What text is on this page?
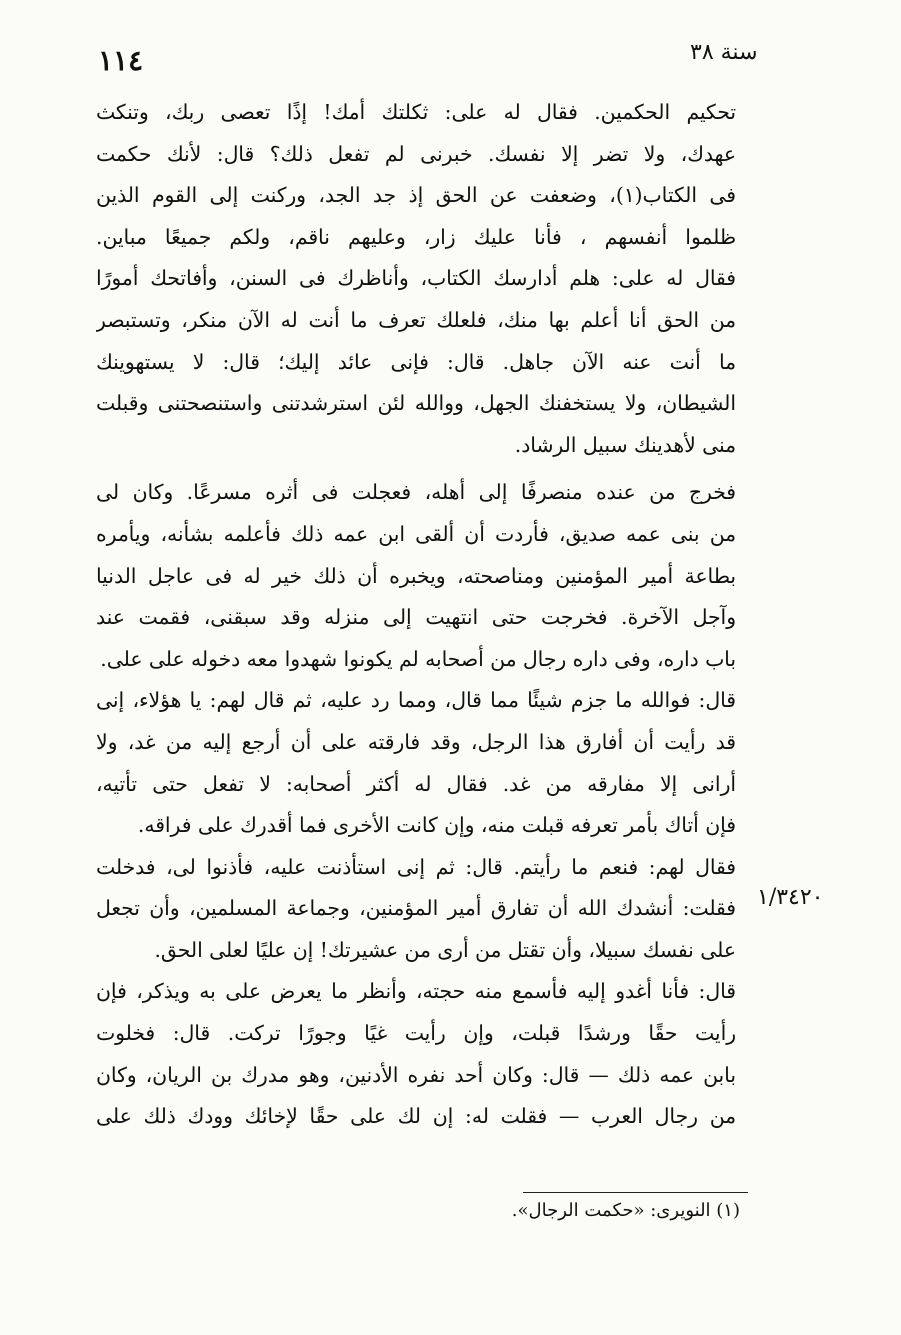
١١٤	سنة ٣٨

تحكيم الحكمين. فقال له على: ثكلتك أمك! إذًا تعصى ربك، وتنكث
عهدك، ولا تضر إلا نفسك. خبرنى لم تفعل ذلك؟ قال: لأنك حكمت
فى الكتاب(١)، وضعفت عن الحق إذ جد الجد، وركنت إلى القوم الذين
ظلموا أنفسهم ، فأنا عليك زار، وعليهم ناقم، ولكم جميعًا مباين.
فقال له على: هلم أدارسك الكتاب، وأناظرك فى السنن، وأفاتحك أمورًا
من الحق أنا أعلم بها منك، فلعلك تعرف ما أنت له الآن منكر، وتستبصر
ما أنت عنه الآن جاهل. قال: فإنى عائد إليك؛ قال: لا يستهوينك
الشيطان، ولا يستخفنك الجهل، ووالله لئن استرشدتنى واستنصحتنى وقبلت
منى لأهدينك سبيل الرشاد.

فخرج من عنده منصرفًا إلى أهله، فعجلت فى أثره مسرعًا. وكان لى
من بنى عمه صديق، فأردت أن ألقى ابن عمه ذلك فأعلمه بشأنه، ويأمره
بطاعة أمير المؤمنين ومناصحته، ويخبره أن ذلك خير له فى عاجل الدنيا
وآجل الآخرة. فخرجت حتى انتهيت إلى منزله وقد سبقنى، فقمت عند
باب داره، وفى داره رجال من أصحابه لم يكونوا شهدوا معه دخوله على على.

قال: فوالله ما جزم شيئًا مما قال، ومما رد عليه، ثم قال لهم: يا هؤلاء، إنى
قد رأيت أن أفارق هذا الرجل، وقد فارقته على أن أرجع إليه من غد، ولا
أرانى إلا مفارقه من غد. فقال له أكثر أصحابه: لا تفعل حتى تأتيه،
فإن أتاك بأمر تعرفه قبلت منه، وإن كانت الأخرى فما أقدرك على فراقه.

فقال لهم: فنعم ما رأيتم. قال: ثم إنى استأذنت عليه، فأذنوا لى، فدخلت
فقلت: أنشدك الله أن تفارق أمير المؤمنين، وجماعة المسلمين، وأن تجعل
على نفسك سبيلا، وأن تقتل من أرى من عشيرتك! إن عليًا لعلى الحق.

قال: فأنا أغدو إليه فأسمع منه حجته، وأنظر ما يعرض على به ويذكر، فإن
رأيت حقًا ورشدًا قبلت، وإن رأيت غيًا وجورًا تركت. قال: فخلوت
بابن عمه ذلك — قال: وكان أحد نفره الأدنين، وهو مدرك بن الريان، وكان
من رجال العرب — فقلت له: إن لك على حقًا لإخائك وودك ذلك على

١/٣٤٢٠
(١) النويرى: «حكمت الرجال».
